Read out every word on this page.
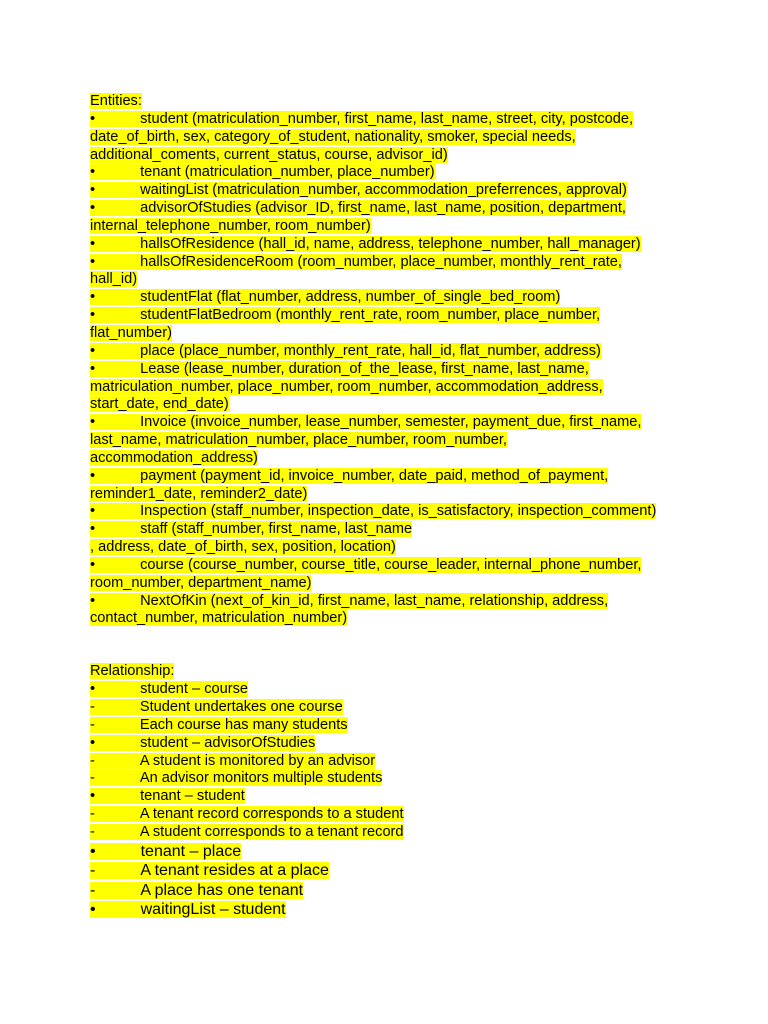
Entities:
•	student (matriculation_number, first_name, last_name, street, city, postcode,
date_of_birth, sex, category_of_student, nationality, smoker, special needs,
additional_coments, current_status, course, advisor_id)
•	tenant (matriculation_number, place_number)
•	waitingList (matriculation_number, accommodation_preferrences, approval)
•	advisorOfStudies (advisor_ID, first_name, last_name, position, department,
internal_telephone_number, room_number)
•	hallsOfResidence (hall_id, name, address, telephone_number, hall_manager)
•	hallsOfResidenceRoom (room_number, place_number, monthly_rent_rate,
hall_id)
•	studentFlat (flat_number, address, number_of_single_bed_room)
•	studentFlatBedroom (monthly_rent_rate, room_number, place_number,
flat_number)
•	place (place_number, monthly_rent_rate, hall_id, flat_number, address)
•	Lease (lease_number, duration_of_the_lease, first_name, last_name,
matriculation_number, place_number, room_number, accommodation_address,
start_date, end_date)
•	Invoice (invoice_number, lease_number, semester, payment_due, first_name,
last_name, matriculation_number, place_number, room_number,
accommodation_address)
•	payment (payment_id, invoice_number, date_paid, method_of_payment,
reminder1_date, reminder2_date)
•	Inspection (staff_number, inspection_date, is_satisfactory, inspection_comment)
•	staff (staff_number, first_name, last_name
, address, date_of_birth, sex, position, location)
•	course (course_number, course_title, course_leader, internal_phone_number,
room_number, department_name)
•	NextOfKin (next_of_kin_id, first_name, last_name, relationship, address,
contact_number, matriculation_number)
Relationship:
•	student – course
-	Student undertakes one course
-	Each course has many students
•	student – advisorOfStudies
-	A student is monitored by an advisor
-	An advisor monitors multiple students
•	tenant – student
-	A tenant record corresponds to a student
-	A student corresponds to a tenant record
•	tenant – place
-	A tenant resides at a place
-	A place has one tenant
•	waitingList – student
